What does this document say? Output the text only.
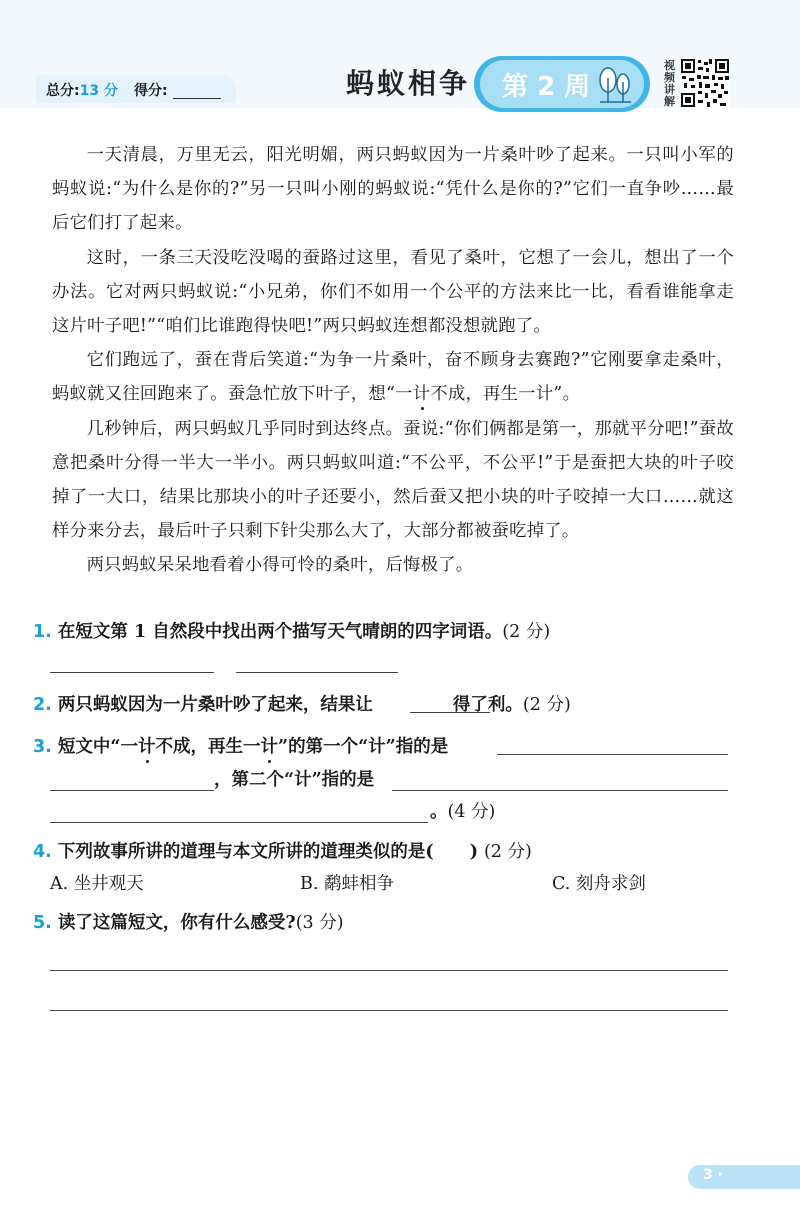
总分:13 分 得分:	蚂蚁相争 第 2 周
视频讲解

一天清晨，万里无云，阳光明媚，两只蚂蚁因为一片桑叶吵了起来。一只叫小军的蚂蚁说:“为什么是你的?”另一只叫小刚的蚂蚁说:“凭什么是你的?”它们一直争吵……最后它们打了起来。

这时，一条三天没吃没喝的蚕路过这里，看见了桑叶，它想了一会儿，想出了一个办法。它对两只蚂蚁说:“小兄弟，你们不如用一个公平的方法来比一比，看看谁能拿走这片叶子吧!”“咱们比谁跑得快吧!”两只蚂蚁连想都没想就跑了。

它们跑远了，蚕在背后笑道:“为争一片桑叶，奋不顾身去赛跑?”它刚要拿走桑叶，蚂蚁就又往回跑来了。蚕急忙放下叶子，想“一计不成，再生一计”。

几秒钟后，两只蚂蚁几乎同时到达终点。蚕说:“你们俩都是第一，那就平分吧!”蚕故意把桑叶分得一半大一半小。两只蚂蚁叫道:“不公平，不公平!”于是蚕把大块的叶子咬掉了一大口，结果比那块小的叶子还要小，然后蚕又把小块的叶子咬掉一大口……就这样分来分去，最后叶子只剩下针尖那么大了，大部分都被蚕吃掉了。

两只蚂蚁呆呆地看着小得可怜的桑叶，后悔极了。

1. 在短文第 1 自然段中找出两个描写天气晴朗的四字词语。(2 分)
2. 两只蚂蚁因为一片桑叶吵了起来，结果让	得了利。(2 分)
3. 短文中“一计不成，再生一计”的第一个“计”指的是
，第二个“计”指的是
。(4 分)
4. 下列故事所讲的道理与本文所讲的道理类似的是( ) (2 分)
A. 坐井观天	B. 鹬蚌相争	C. 刻舟求剑
5. 读了这篇短文，你有什么感受?(3 分)
3 ·
